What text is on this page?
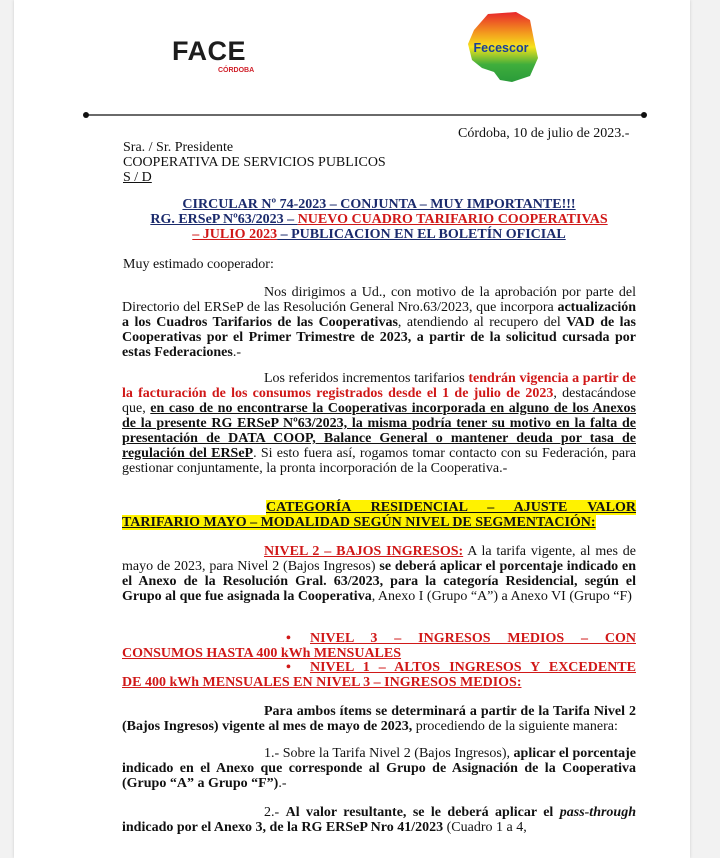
FACE
CÓRDOBA
Fecescor
Córdoba, 10 de julio de 2023.-
Sra. / Sr. Presidente
COOPERATIVA DE SERVICIOS PUBLICOS
S / D
CIRCULAR Nº 74-2023 – CONJUNTA – MUY IMPORTANTE!!!
RG. ERSeP Nº63/2023 – NUEVO CUADRO TARIFARIO COOPERATIVAS
– JULIO 2023 – PUBLICACION EN EL BOLETÍN OFICIAL
Muy estimado cooperador:
Nos dirigimos a Ud., con motivo de la aprobación por parte del Directorio del ERSeP de las Resolución General Nro.63/2023, que incorpora actualización a los Cuadros Tarifarios de las Cooperativas, atendiendo al recupero del VAD de las Cooperativas por el Primer Trimestre de 2023, a partir de la solicitud cursada por estas Federaciones.-
Los referidos incrementos tarifarios tendrán vigencia a partir de la facturación de los consumos registrados desde el 1 de julio de 2023, destacándose que, en caso de no encontrarse la Cooperativas incorporada en alguno de los Anexos de la presente RG ERSeP Nº63/2023, la misma podría tener su motivo en la falta de presentación de DATA COOP, Balance General o mantener deuda por tasa de regulación del ERSeP. Si esto fuera así, rogamos tomar contacto con su Federación, para gestionar conjuntamente, la pronta incorporación de la Cooperativa.-
CATEGORÍA RESIDENCIAL – AJUSTE VALOR
TARIFARIO MAYO – MODALIDAD SEGÚN NIVEL DE SEGMENTACIÓN:
NIVEL 2 – BAJOS INGRESOS: A la tarifa vigente, al mes de mayo de 2023, para Nivel 2 (Bajos Ingresos) se deberá aplicar el porcentaje indicado en el Anexo de la Resolución Gral. 63/2023, para la categoría Residencial, según el Grupo al que fue asignada la Cooperativa, Anexo I (Grupo “A”) a Anexo VI (Grupo “F)
• NIVEL 3 – INGRESOS MEDIOS – CON
CONSUMOS HASTA 400 kWh MENSUALES
• NIVEL 1 – ALTOS INGRESOS Y EXCEDENTE
DE 400 kWh MENSUALES EN NIVEL 3 – INGRESOS MEDIOS:
Para ambos ítems se determinará a partir de la Tarifa Nivel 2 (Bajos Ingresos) vigente al mes de mayo de 2023, procediendo de la siguiente manera:
1.- Sobre la Tarifa Nivel 2 (Bajos Ingresos), aplicar el porcentaje indicado en el Anexo que corresponde al Grupo de Asignación de la Cooperativa (Grupo “A” a Grupo “F”).-
2.- Al valor resultante, se le deberá aplicar el pass-through indicado por el Anexo 3, de la RG ERSeP Nro 41/2023 (Cuadro 1 a 4,
